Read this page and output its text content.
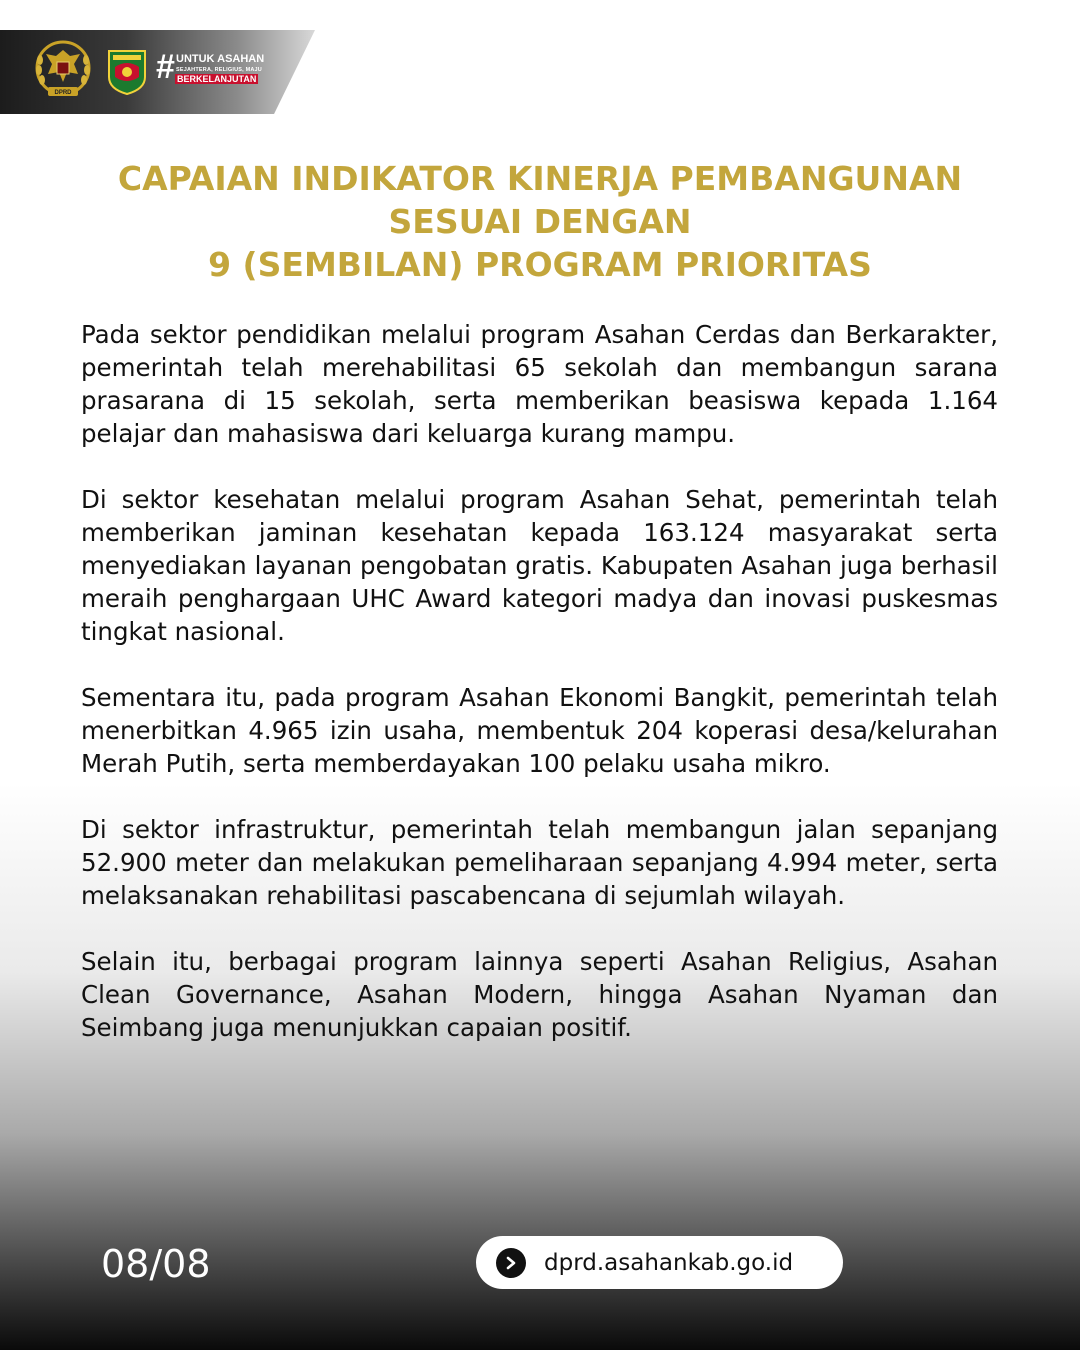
DPRD
# UNTUK ASAHAN
SEJAHTERA, RELIGIUS, MAJU
BERKELANJUTAN
CAPAIAN INDIKATOR KINERJA PEMBANGUNAN
SESUAI DENGAN
9 (SEMBILAN) PROGRAM PRIORITAS

Pada sektor pendidikan melalui program Asahan Cerdas dan Berkarakter, pemerintah telah merehabilitasi 65 sekolah dan membangun sarana prasarana di 15 sekolah, serta memberikan beasiswa kepada 1.164 pelajar dan mahasiswa dari keluarga kurang mampu.

Di sektor kesehatan melalui program Asahan Sehat, pemerintah telah memberikan jaminan kesehatan kepada 163.124 masyarakat serta menyediakan layanan pengobatan gratis. Kabupaten Asahan juga berhasil meraih penghargaan UHC Award kategori madya dan inovasi puskesmas tingkat nasional.

Sementara itu, pada program Asahan Ekonomi Bangkit, pemerintah telah menerbitkan 4.965 izin usaha, membentuk 204 koperasi desa/kelurahan Merah Putih, serta memberdayakan 100 pelaku usaha mikro.

Di sektor infrastruktur, pemerintah telah membangun jalan sepanjang 52.900 meter dan melakukan pemeliharaan sepanjang 4.994 meter, serta melaksanakan rehabilitasi pascabencana di sejumlah wilayah.

Selain itu, berbagai program lainnya seperti Asahan Religius, Asahan Clean Governance, Asahan Modern, hingga Asahan Nyaman dan Seimbang juga menunjukkan capaian positif.

08/08	dprd.asahankab.go.id
